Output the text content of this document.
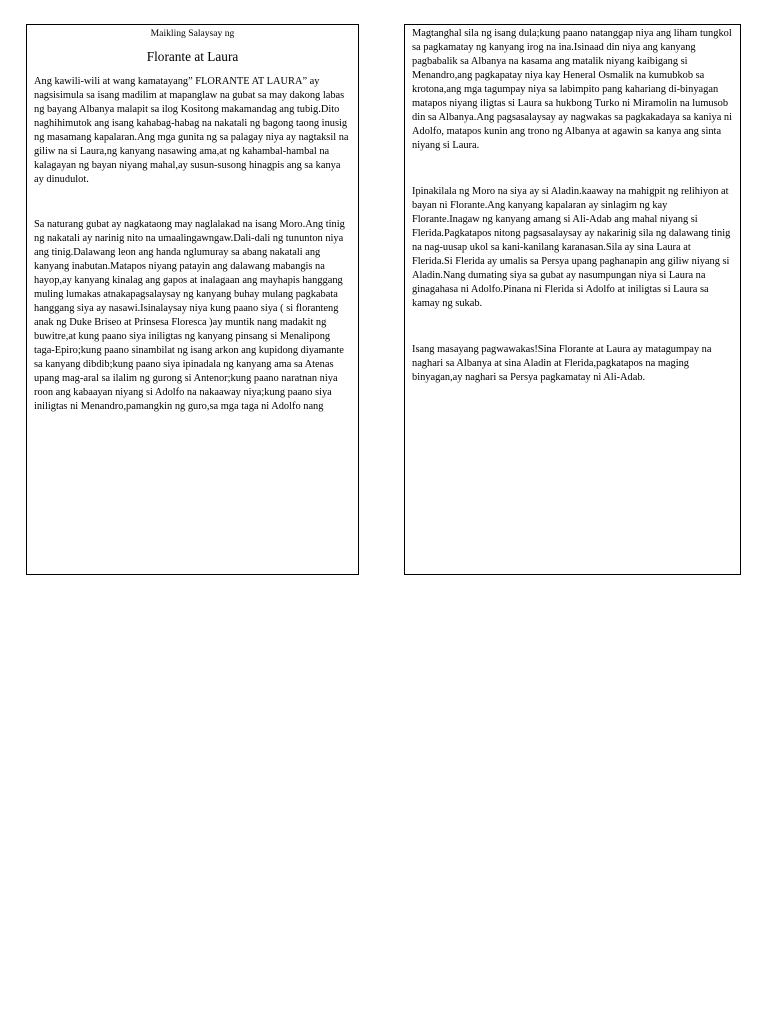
Maikling Salaysay ng

Florante at Laura

Ang kawili-wili at wang kamatayang” FLORANTE AT LAURA” ay nagsisimula sa isang madilim at mapanglaw na gubat sa may dakong labas ng bayang Albanya malapit sa ilog Kositong makamandag ang tubig.Dito naghihimutok ang isang kahabag-habag na nakatali ng bagong taong inusig ng masamang kapalaran.Ang mga gunita ng sa palagay niya ay nagtaksil na giliw na si Laura,ng kanyang nasawing ama,at ng kahambal-hambal na kalagayan ng bayan niyang mahal,ay susun-susong hinagpis ang sa kanya ay dinudulot.

Sa naturang gubat ay nagkataong may naglalakad na isang Moro.Ang tinig ng nakatali ay narinig nito na umaalingawngaw.Dali-dali ng tununton niya ang tinig.Dalawang leon ang handa nglumuray sa abang nakatali ang kanyang inabutan.Matapos niyang patayin ang dalawang mabangis na hayop,ay kanyang kinalag ang gapos at inalagaan ang mayhapis hanggang muling lumakas atnakapagsalaysay ng kanyang buhay mulang pagkabata hanggang siya ay nasawi.Isinalaysay niya kung paano siya ( si floranteng anak ng Duke Briseo at Prinsesa Floresca )ay muntik nang madakit ng buwitre,at kung paano siya iniligtas ng kanyang pinsang si Menalipong taga-Epiro;kung paano sinambilat ng isang arkon ang kupidong diyamante sa kanyang dibdib;kung paano siya ipinadala ng kanyang ama sa Atenas upang mag-aral sa ilalim ng gurong si Antenor;kung paano naratnan niya roon ang kabaayan niyang si Adolfo na nakaaway niya;kung paano siya iniligtas ni Menandro,pamangkin ng guro,sa mga taga ni Adolfo nang

Magtanghal sila ng isang dula;kung paano natanggap niya ang liham tungkol sa pagkamatay ng kanyang irog na ina.Isinaad din niya ang kanyang pagbabalik sa Albanya na kasama ang matalik niyang kaibigang si Menandro,ang pagkapatay niya kay Heneral Osmalik na kumubkob sa krotona,ang mga tagumpay niya sa labimpito pang kahariang di-binyagan matapos niyang iligtas si Laura sa hukbong Turko ni Miramolin na lumusob din sa Albanya.Ang pagsasalaysay ay nagwakas sa pagkakadaya sa kaniya ni Adolfo, matapos kunin ang trono ng Albanya at agawin sa kanya ang sinta niyang si Laura.

Ipinakilala ng Moro na siya ay si Aladin.kaaway na mahigpit ng relihiyon at bayan ni Florante.Ang kanyang kapalaran ay sinlagim ng kay Florante.Inagaw ng kanyang amang si Ali-Adab ang mahal niyang si Flerida.Pagkatapos nitong pagsasalaysay ay nakarinig sila ng dalawang tinig na nag-uusap ukol sa kani-kanilang karanasan.Sila ay sina Laura at Flerida.Si Flerida ay umalis sa Persya upang paghanapin ang giliw niyang si Aladin.Nang dumating siya sa gubat ay nasumpungan niya si Laura na ginagahasa ni Adolfo.Pinana ni Flerida si Adolfo at iniligtas si Laura sa kamay ng sukab.

Isang masayang pagwawakas!Sina Florante at Laura ay matagumpay na naghari sa Albanya at sina Aladin at Flerida,pagkatapos na maging binyagan,ay naghari sa Persya pagkamatay ni Ali-Adab.
